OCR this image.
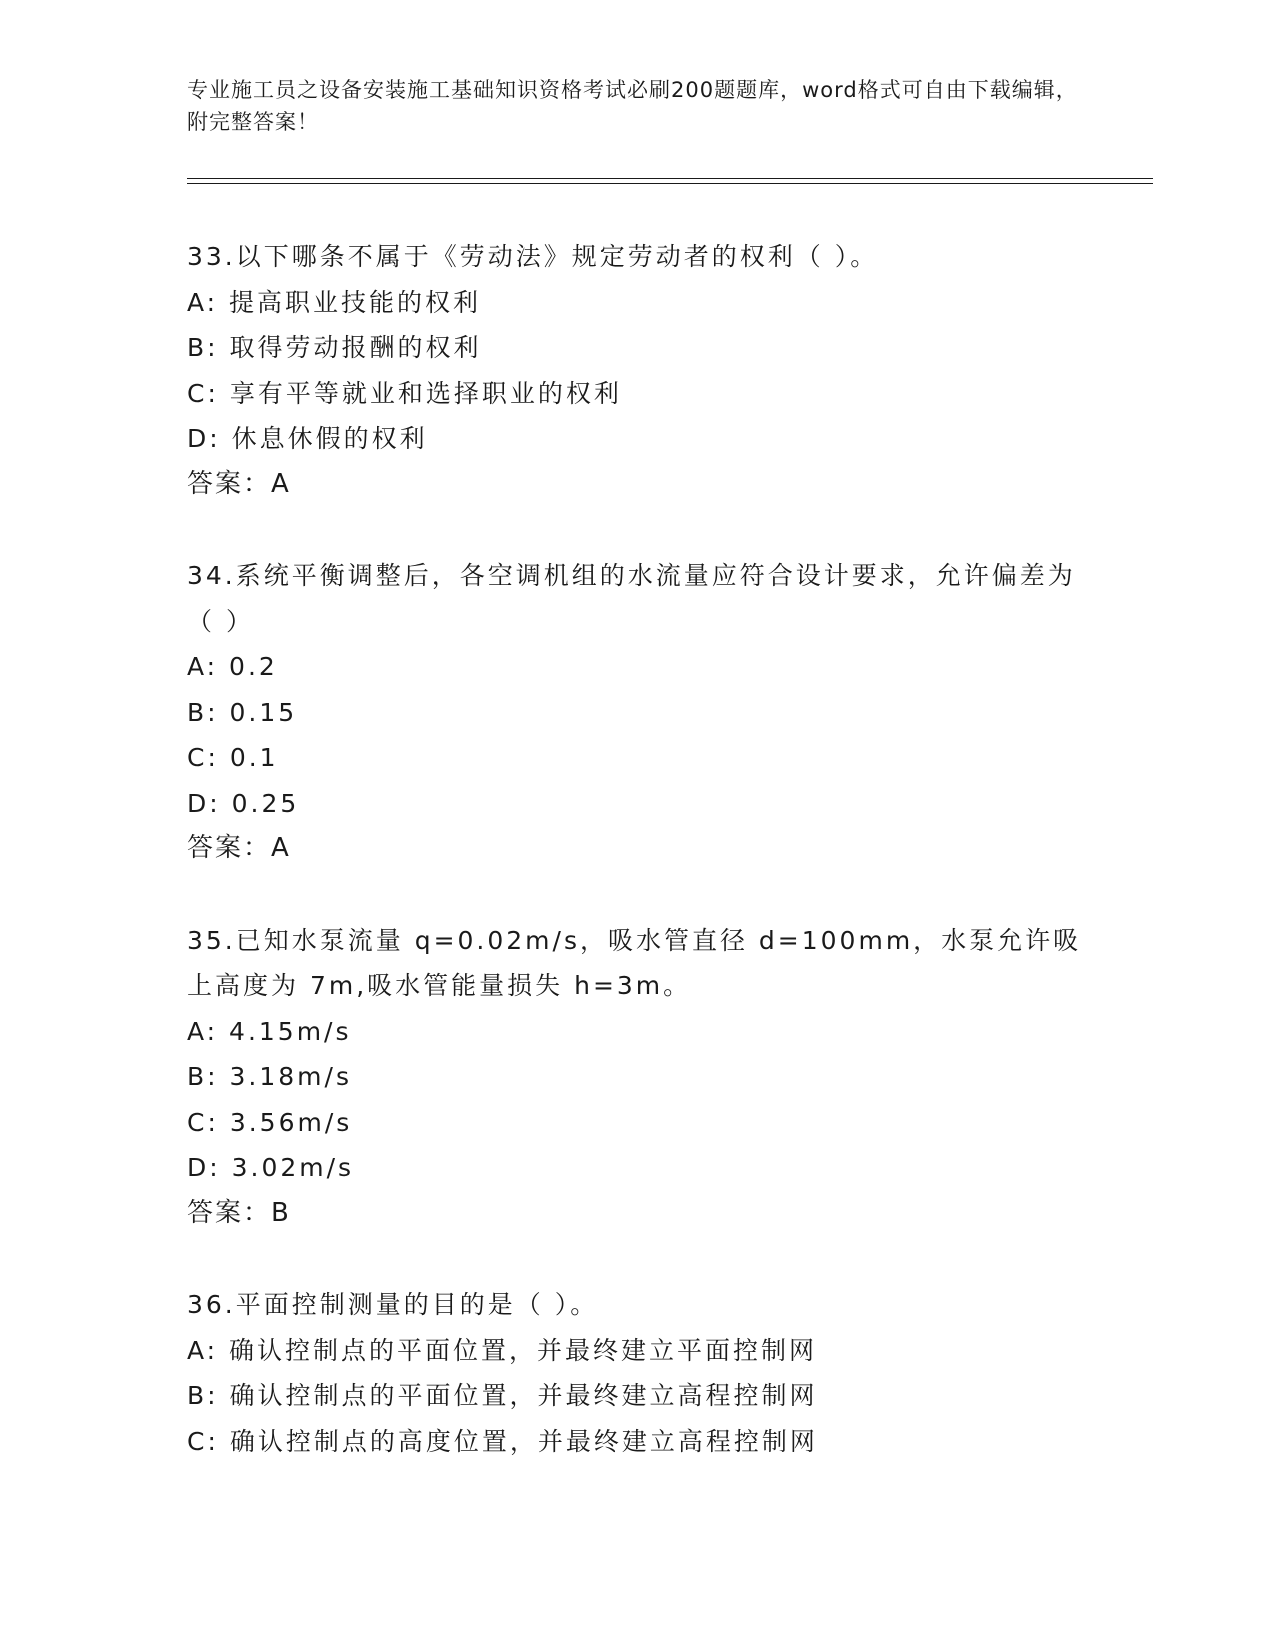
专业施工员之设备安装施工基础知识资格考试必刷200题题库，word格式可自由下载编辑，附完整答案！

33.以下哪条不属于《劳动法》规定劳动者的权利（ ）。

A: 提高职业技能的权利

B: 取得劳动报酬的权利

C: 享有平等就业和选择职业的权利

D: 休息休假的权利

答案：A

34.系统平衡调整后，各空调机组的水流量应符合设计要求，允许偏差为（ ）

A: 0.2

B: 0.15

C: 0.1

D: 0.25

答案：A

35.已知水泵流量 q=0.02m/s，吸水管直径 d=100mm，水泵允许吸上高度为 7m,吸水管能量损失 h=3m。

A: 4.15m/s

B: 3.18m/s

C: 3.56m/s

D: 3.02m/s

答案：B

36.平面控制测量的目的是（ ）。

A: 确认控制点的平面位置，并最终建立平面控制网

B: 确认控制点的平面位置，并最终建立高程控制网

C: 确认控制点的高度位置，并最终建立高程控制网
